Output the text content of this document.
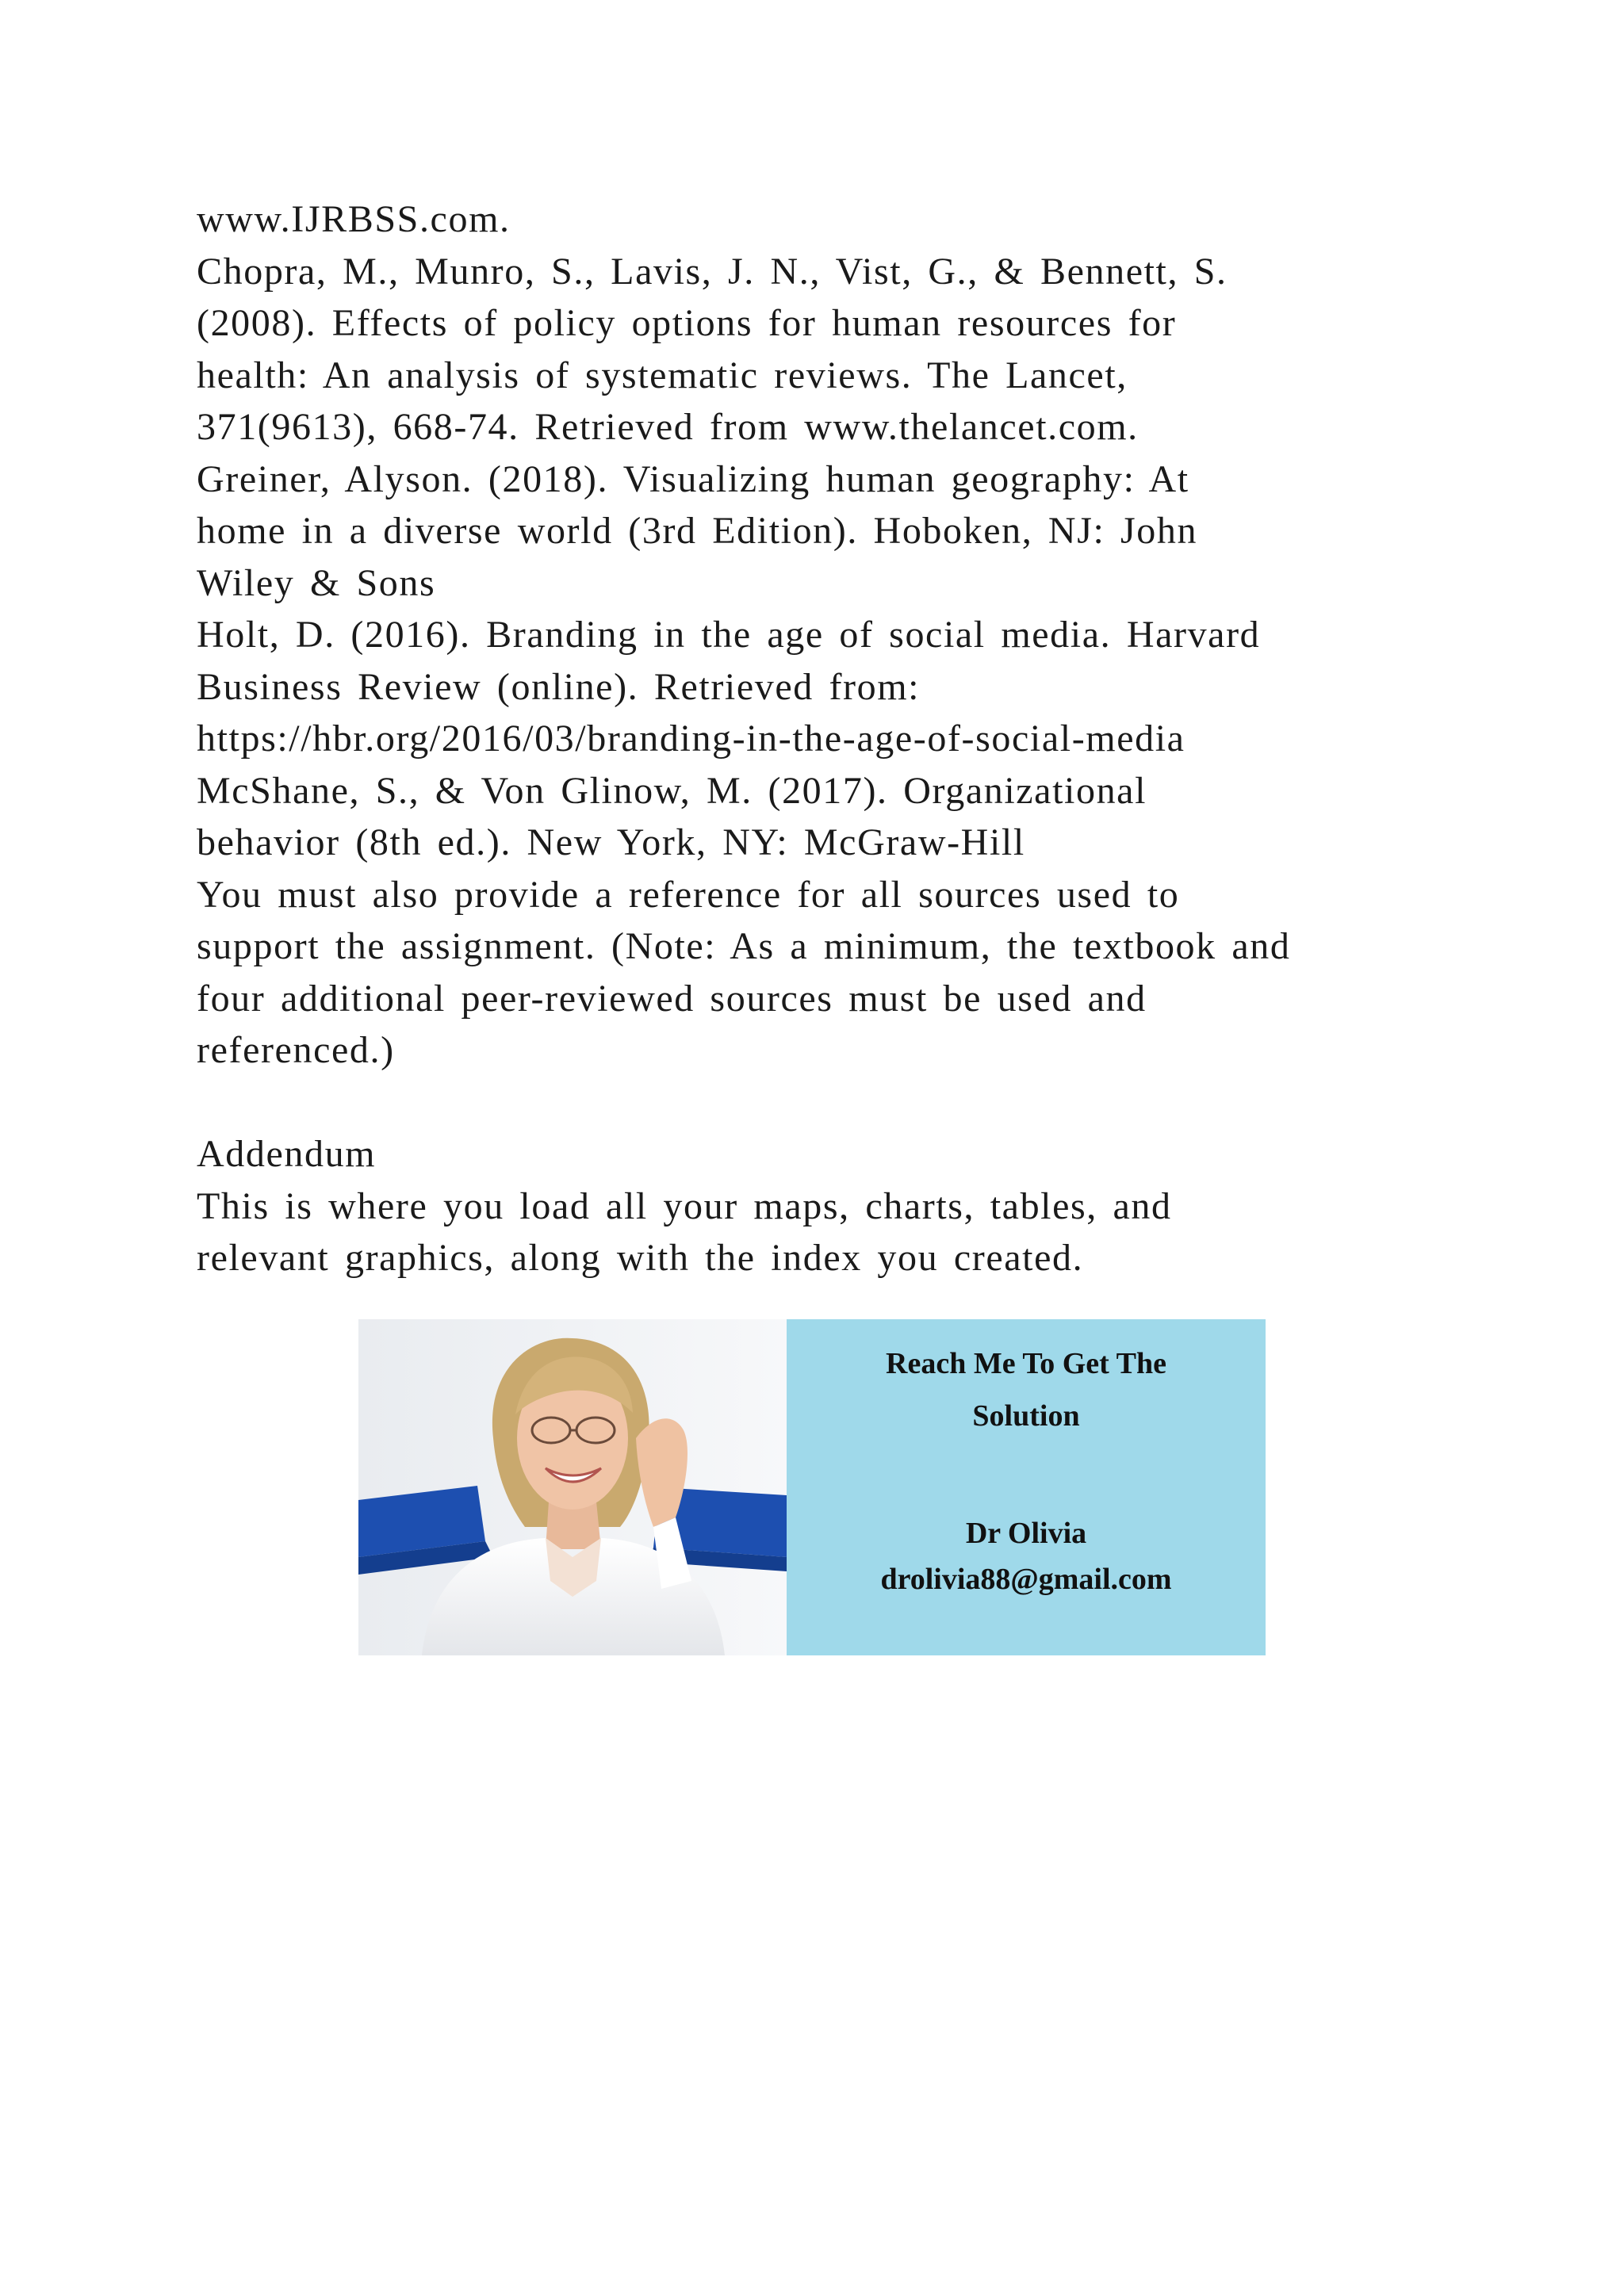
www.IJRBSS.com.
Chopra, M., Munro, S., Lavis, J. N., Vist, G., & Bennett, S.
(2008). Effects of policy options for human resources for
health: An analysis of systematic reviews. The Lancet,
371(9613), 668-74. Retrieved from www.thelancet.com.
Greiner, Alyson. (2018). Visualizing human geography: At
home in a diverse world (3rd Edition). Hoboken, NJ: John
Wiley & Sons
Holt, D. (2016). Branding in the age of social media. Harvard
Business Review (online). Retrieved from:
https://hbr.org/2016/03/branding-in-the-age-of-social-media
McShane, S., & Von Glinow, M. (2017). Organizational
behavior (8th ed.). New York, NY: McGraw-Hill
You must also provide a reference for all sources used to
support the assignment. (Note: As a minimum, the textbook and
four additional peer-reviewed sources must be used and
referenced.)
Addendum
This is where you load all your maps, charts, tables, and
relevant graphics, along with the index you created.
Reach Me To Get The
Solution
Dr Olivia
drolivia88@gmail.com
